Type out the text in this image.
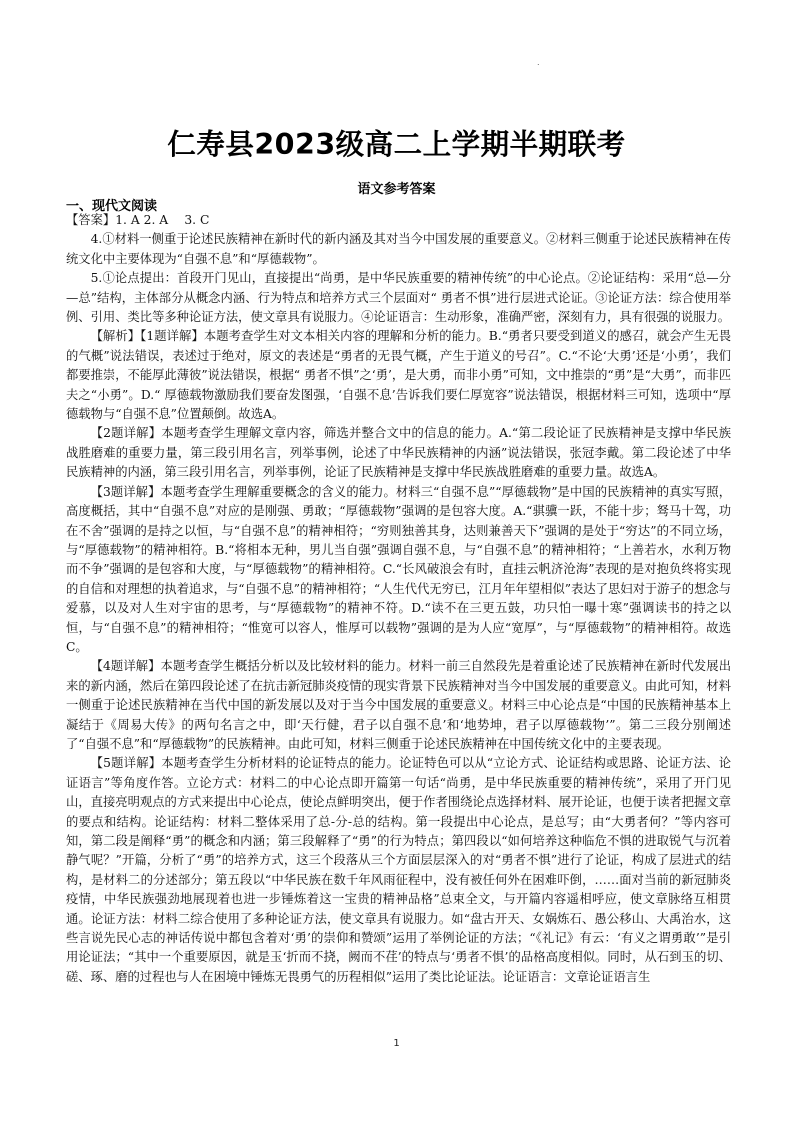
.
仁寿县2023级高二上学期半期联考
语文参考答案
一、现代文阅读

【答案】1. A 2. A　 3. C

4.①材料一侧重于论述民族精神在新时代的新内涵及其对当今中国发展的重要意义。②材料三侧重于论述民族精神在传统文化中主要体现为“自强不息”和“厚德载物”。

5.①论点提出：首段开门见山，直接提出“尚勇，是中华民族重要的精神传统”的中心论点。②论证结构：采用“总—分—总”结构，主体部分从概念内涵、行为特点和培养方式三个层面对“ 勇者不惧”进行层进式论证。③论证方法：综合使用举例、引用、类比等多种论证方法，使文章具有说服力。④论证语言：生动形象，准确严密，深刻有力，具有很强的说服力。

【解析】【1题详解】本题考查学生对文本相关内容的理解和分析的能力。B.“勇者只要受到道义的感召，就会产生无畏的气概”说法错误，表述过于绝对，原文的表述是“勇者的无畏气概，产生于道义的号召”。C.“不论‘大勇’还是‘小勇’，我们都要推崇，不能厚此薄彼”说法错误，根据“ 勇者不惧”之‘勇’，是大勇，而非小勇”可知，文中推崇的“勇”是“大勇”，而非匹夫之“小勇”。D.“ 厚德载物激励我们要奋发图强，‘自强不息’告诉我们要仁厚宽容”说法错误，根据材料三可知，选项中“厚德载物与“自强不息”位置颠倒。故选A。

【2题详解】本题考查学生理解文章内容，筛选并整合文中的信息的能力。A.“第二段论证了民族精神是支撑中华民族战胜磨难的重要力量，第三段引用名言，列举事例，论述了中华民族精神的内涵”说法错误，张冠李戴。第二段论述了中华民族精神的内涵，第三段引用名言，列举事例，论证了民族精神是支撑中华民族战胜磨难的重要力量。故选A。

【3题详解】本题考查学生理解重要概念的含义的能力。材料三“自强不息”“厚德载物”是中国的民族精神的真实写照，高度概括，其中“自强不息”对应的是刚强、勇敢；“厚德载物”强调的是包容大度。A.“骐骥一跃，不能十步；驽马十驾，功在不舍”强调的是持之以恒，与“自强不息”的精神相符；“穷则独善其身，达则兼善天下”强调的是处于“穷达”的不同立场，与“厚德载物”的精神相符。B.“将相本无种，男儿当自强”强调自强不息，与“自强不息”的精神相符；“上善若水，水利万物而不争”强调的是包容和大度，与“厚德载物”的精神相符。C.“长风破浪会有时，直挂云帆济沧海”表现的是对抱负终将实现的自信和对理想的执着追求，与“自强不息”的精神相符；“人生代代无穷已，江月年年望相似”表达了思妇对于游子的想念与爱慕，以及对人生对宇宙的思考，与“厚德载物”的精神不符。D.“读不在三更五鼓，功只怕一曝十寒”强调读书的持之以恒，与“自强不息”的精神相符；“惟宽可以容人，惟厚可以载物”强调的是为人应“宽厚”，与“厚德载物”的精神相符。故选C。

【4题详解】本题考查学生概括分析以及比较材料的能力。材料一前三自然段先是着重论述了民族精神在新时代发展出来的新内涵，然后在第四段论述了在抗击新冠肺炎疫情的现实背景下民族精神对当今中国发展的重要意义。由此可知，材料一侧重于论述民族精神在当代中国的新发展以及对于当今中国发展的重要意义。材料三中心论点是“中国的民族精神基本上凝结于《周易大传》的两句名言之中，即‘天行健，君子以自强不息’和‘地势坤，君子以厚德载物’”。第二三段分别阐述了“自强不息”和“厚德载物”的民族精神。由此可知，材料三侧重于论述民族精神在中国传统文化中的主要表现。

【5题详解】本题考查学生分析材料的论证特点的能力。论证特色可以从“立论方式、论证结构或思路、论证方法、论证语言”等角度作答。立论方式：材料二的中心论点即开篇第一句话“尚勇，是中华民族重要的精神传统”，采用了开门见山，直接亮明观点的方式来提出中心论点，使论点鲜明突出，便于作者围绕论点选择材料、展开论证，也便于读者把握文章的要点和结构。论证结构：材料二整体采用了总-分-总的结构。第一段提出中心论点，是总写；由“大勇者何？”等内容可知，第二段是阐释“勇”的概念和内涵；第三段解释了“勇”的行为特点；第四段以“如何培养这种临危不惧的进取锐气与沉着静气呢？”开篇，分析了“勇”的培养方式，这三个段落从三个方面层层深入的对“勇者不惧”进行了论证，构成了层进式的结构，是材料二的分述部分；第五段以“中华民族在数千年风雨征程中，没有被任何外在困难吓倒，……面对当前的新冠肺炎疫情，中华民族强劲地展现着也进一步锤炼着这一宝贵的精神品格”总束全文，与开篇内容遥相呼应，使文章脉络互相贯通。论证方法：材料二综合使用了多种论证方法，使文章具有说服力。如“盘古开天、女娲炼石、愚公移山、大禹治水，这些言说先民心志的神话传说中都包含着对‘勇’的崇仰和赞颂”运用了举例论证的方法；“《礼记》有云：‘有义之谓勇敢’”是引用论证法；“其中一个重要原因，就是玉‘折而不挠，阙而不荏’的特点与‘勇者不惧’的品格高度相似。同时，从石到玉的切、磋、琢、磨的过程也与人在困境中锤炼无畏勇气的历程相似”运用了类比论证法。论证语言：文章论证语言生

1
